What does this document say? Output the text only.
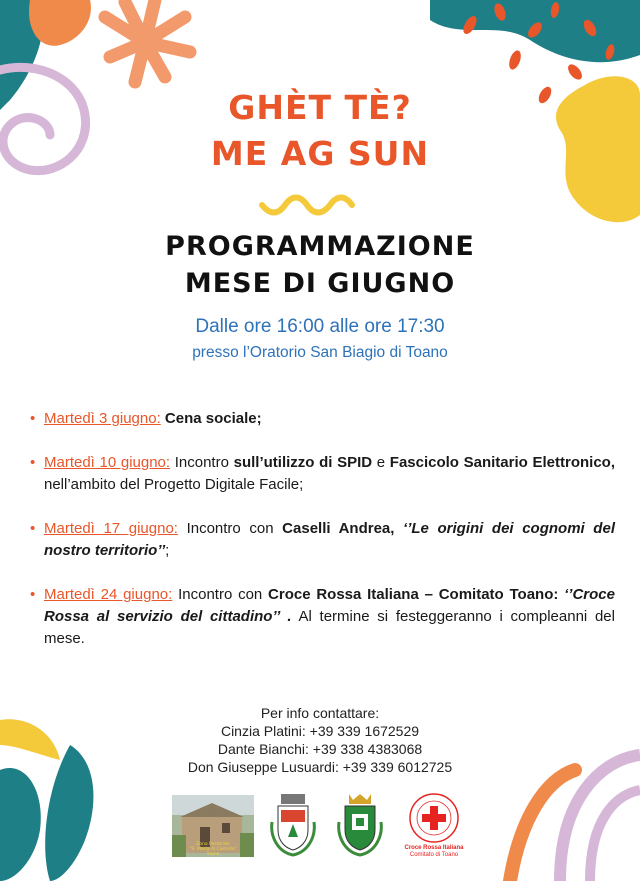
GHÈT TÈ?
ME AG SUN
PROGRAMMAZIONE
MESE DI GIUGNO
Dalle ore 16:00 alle ore 17:30
presso l’Oratorio San Biagio di Toano
• Martedì 3 giugno: Cena sociale;
• Martedì 10 giugno: Incontro sull’utilizzo di SPID e Fascicolo Sanitario Elettronico, nell’ambito del Progetto Digitale Facile;
• Martedì 17 giugno: Incontro con Caselli Andrea, ‘’Le origini dei cognomi del nostro territorio’’;
• Martedì 24 giugno: Incontro con Croce Rossa Italiana – Comitato Toano: ‘’Croce Rossa al servizio del cittadino’’ . Al termine si festeggeranno i compleanni del mese.
Per info contattare:
Cinzia Platini: +39 339 1672529
Dante Bianchi: +39 338 4383068
Don Giuseppe Lusuardi: +39 339 6012725
Zona Pastorale
"S. Maria di Castello"
Toano
Croce Rossa Italiana
Comitato di Toano
